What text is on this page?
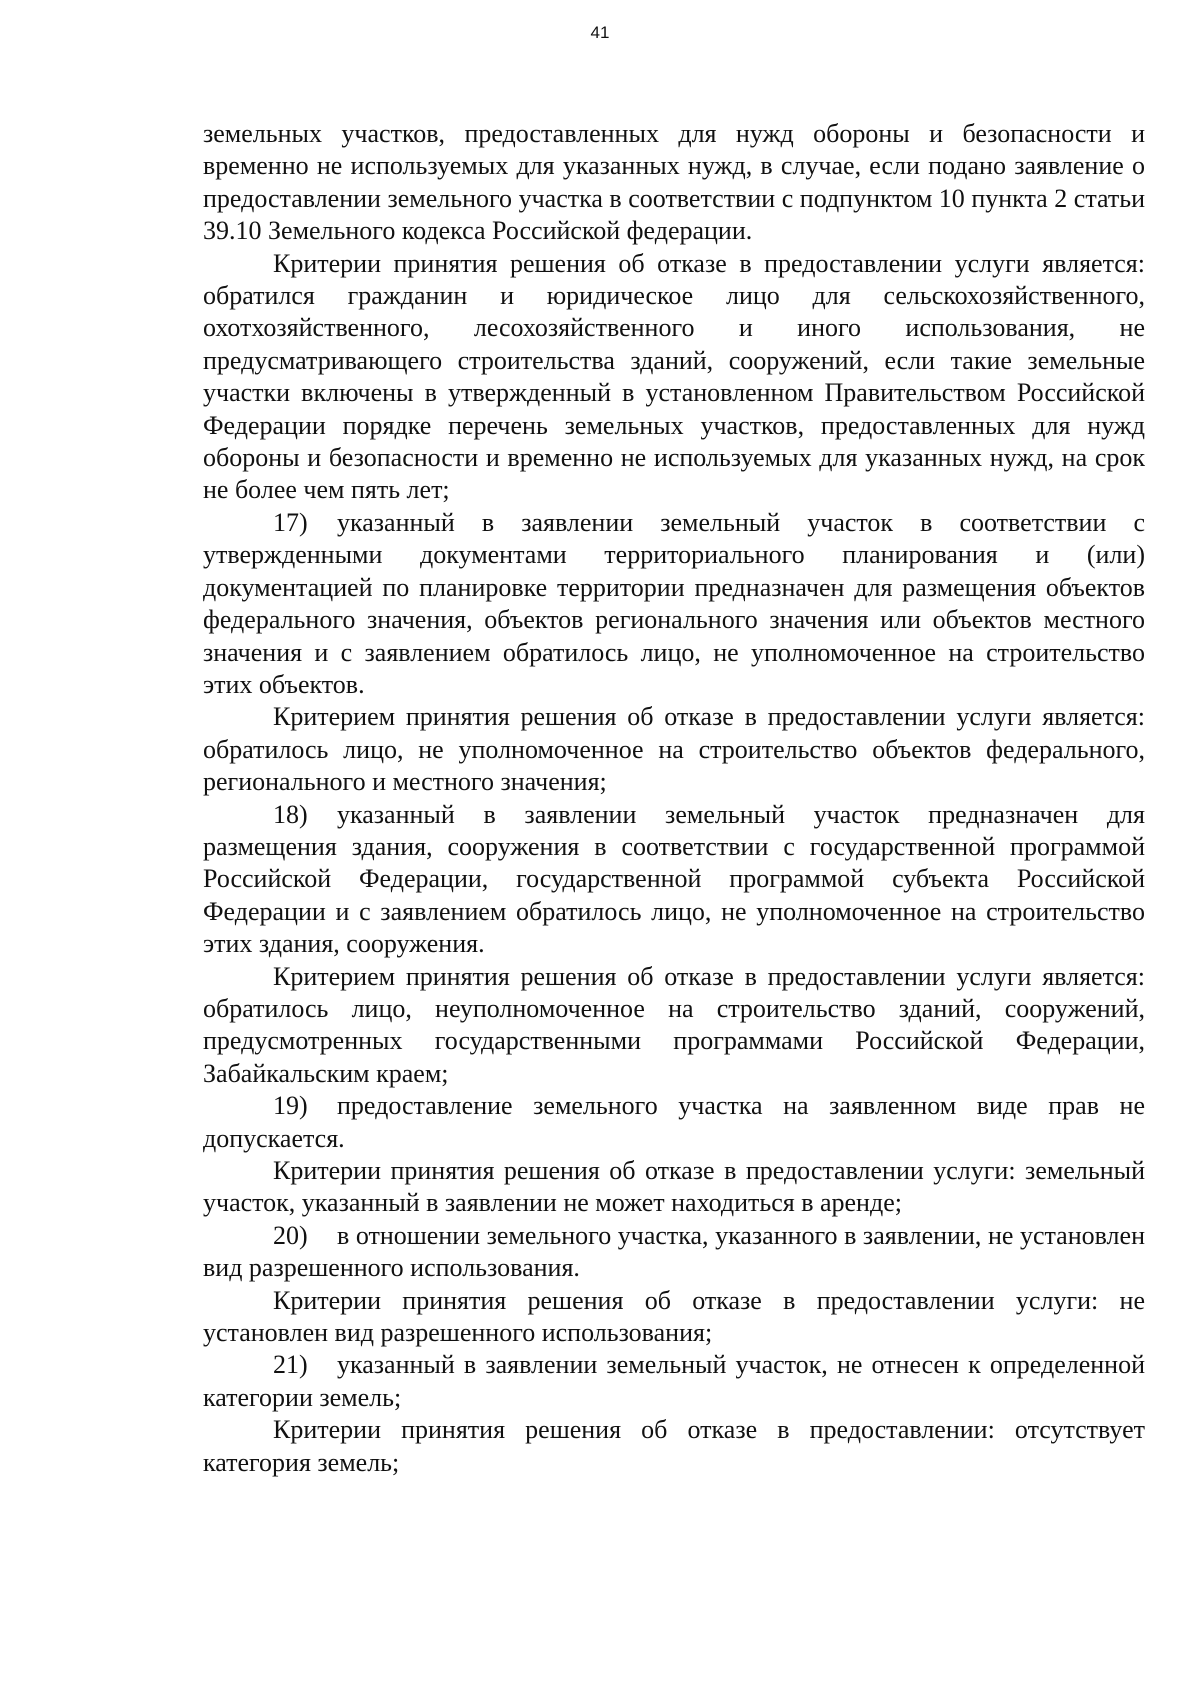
41

земельных участков, предоставленных для нужд обороны и безопасности и временно не используемых для указанных нужд, в случае, если подано заявление о предоставлении земельного участка в соответствии с подпунктом 10 пункта 2 статьи 39.10 Земельного кодекса Российской федерации.

Критерии принятия решения об отказе в предоставлении услуги является: обратился гражданин и юридическое лицо для сельскохозяйственного, охотхозяйственного, лесохозяйственного и иного использования, не предусматривающего строительства зданий, сооружений, если такие земельные участки включены в утвержденный в установленном Правительством Российской Федерации порядке перечень земельных участков, предоставленных для нужд обороны и безопасности и временно не используемых для указанных нужд, на срок не более чем пять лет;

17) указанный в заявлении земельный участок в соответствии с утвержденными документами территориального планирования и (или) документацией по планировке территории предназначен для размещения объектов федерального значения, объектов регионального значения или объектов местного значения и с заявлением обратилось лицо, не уполномоченное на строительство этих объектов.

Критерием принятия решения об отказе в предоставлении услуги является: обратилось лицо, не уполномоченное на строительство объектов федерального, регионального и местного значения;

18) указанный в заявлении земельный участок предназначен для размещения здания, сооружения в соответствии с государственной программой Российской Федерации, государственной программой субъекта Российской Федерации и с заявлением обратилось лицо, не уполномоченное на строительство этих здания, сооружения.

Критерием принятия решения об отказе в предоставлении услуги является: обратилось лицо, неуполномоченное на строительство зданий, сооружений, предусмотренных государственными программами Российской Федерации, Забайкальским краем;

19) предоставление земельного участка на заявленном виде прав не допускается.

Критерии принятия решения об отказе в предоставлении услуги: земельный участок, указанный в заявлении не может находиться в аренде;

20) в отношении земельного участка, указанного в заявлении, не установлен вид разрешенного использования.

Критерии принятия решения об отказе в предоставлении услуги: не установлен вид разрешенного использования;

21) указанный в заявлении земельный участок, не отнесен к определенной категории земель;

Критерии принятия решения об отказе в предоставлении: отсутствует категория земель;
